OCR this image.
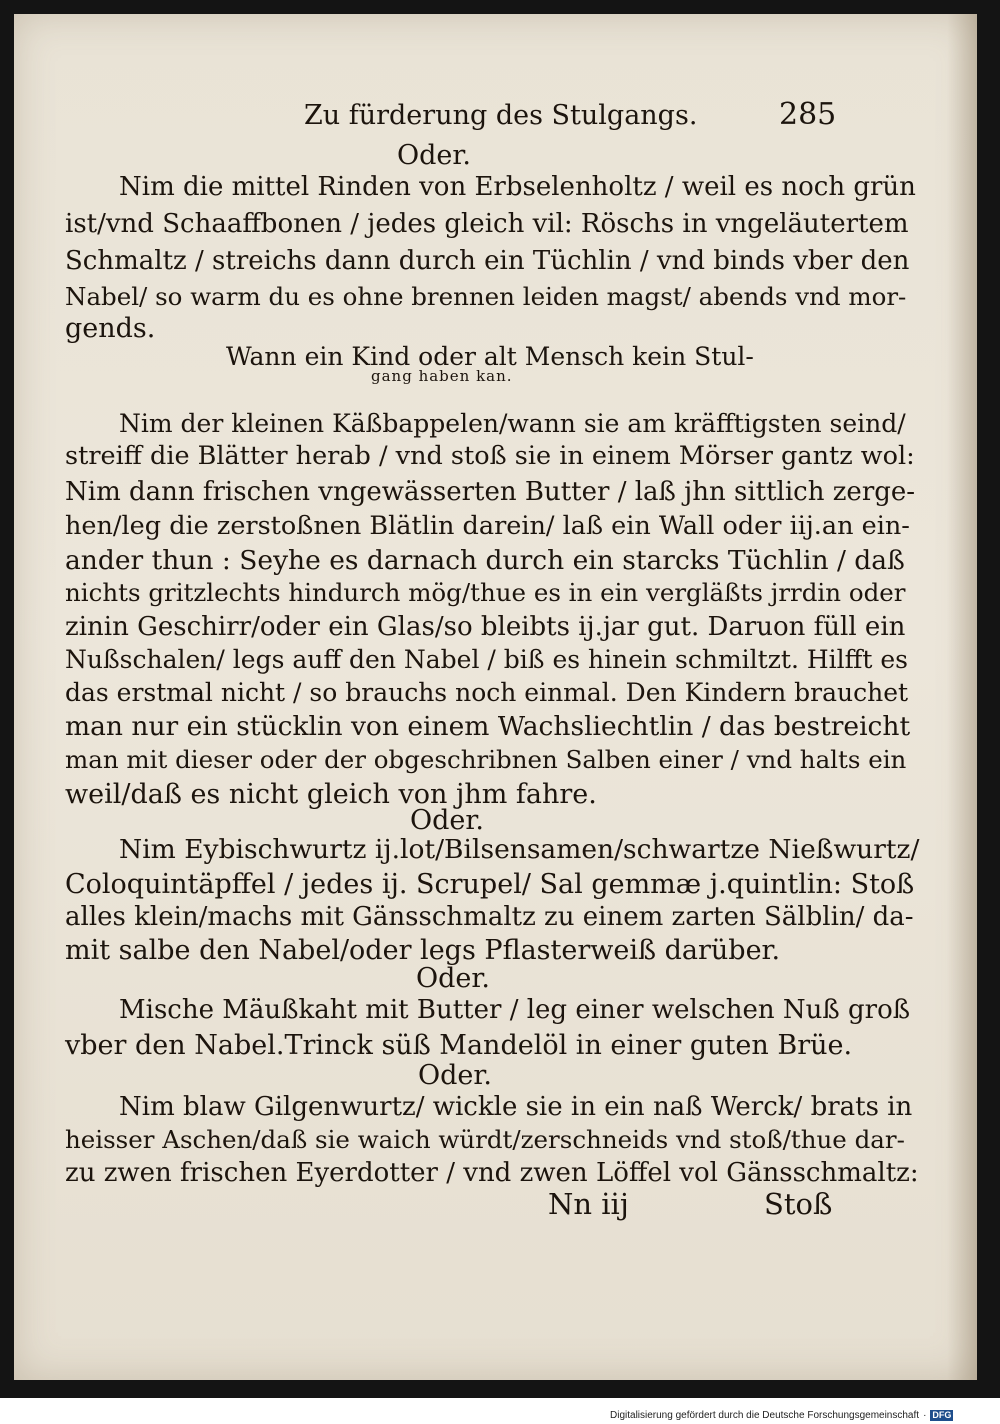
Zu fürderung des Stulgangs.	285
Oder.
Nim die mittel Rinden von Erbselenholtz / weil es noch grün
ist/vnd Schaaffbonen / jedes gleich vil: Röschs in vngeläutertem
Schmaltz / streichs dann durch ein Tüchlin / vnd binds vber den
Nabel/ so warm du es ohne brennen leiden magst/ abends vnd mor-
gends.
Wann ein Kind oder alt Mensch kein Stul-
gang haben kan.
Nim der kleinen Käßbappelen/wann sie am kräfftigsten seind/
streiff die Blätter herab / vnd stoß sie in einem Mörser gantz wol:
Nim dann frischen vngewässerten Butter / laß jhn sittlich zerge-
hen/leg die zerstoßnen Blätlin darein/ laß ein Wall oder iij.an ein-
ander thun : Seyhe es darnach durch ein starcks Tüchlin / daß
nichts gritzlechts hindurch mög/thue es in ein vergläßts jrrdin oder
zinin Geschirr/oder ein Glas/so bleibts ij.jar gut. Daruon füll ein
Nußschalen/ legs auff den Nabel / biß es hinein schmiltzt. Hilfft es
das erstmal nicht / so brauchs noch einmal. Den Kindern brauchet
man nur ein stücklin von einem Wachsliechtlin / das bestreicht
man mit dieser oder der obgeschribnen Salben einer / vnd halts ein
weil/daß es nicht gleich von jhm fahre.
Oder.
Nim Eybischwurtz ij.lot/Bilsensamen/schwartze Nießwurtz/
Coloquintäpffel / jedes ij. Scrupel/ Sal gemmæ j.quintlin: Stoß
alles klein/machs mit Gänsschmaltz zu einem zarten Sälblin/ da-
mit salbe den Nabel/oder legs Pflasterweiß darüber.
Oder.
Mische Mäußkaht mit Butter / leg einer welschen Nuß groß
vber den Nabel.Trinck süß Mandelöl in einer guten Brüe.
Oder.
Nim blaw Gilgenwurtz/ wickle sie in ein naß Werck/ brats in
heisser Aschen/daß sie waich würdt/zerschneids vnd stoß/thue dar-
zu zwen frischen Eyerdotter / vnd zwen Löffel vol Gänsschmaltz:
Nn iij	Stoß
Digitalisierung gefördert durch die Deutsche Forschungsgemeinschaft · DFG
